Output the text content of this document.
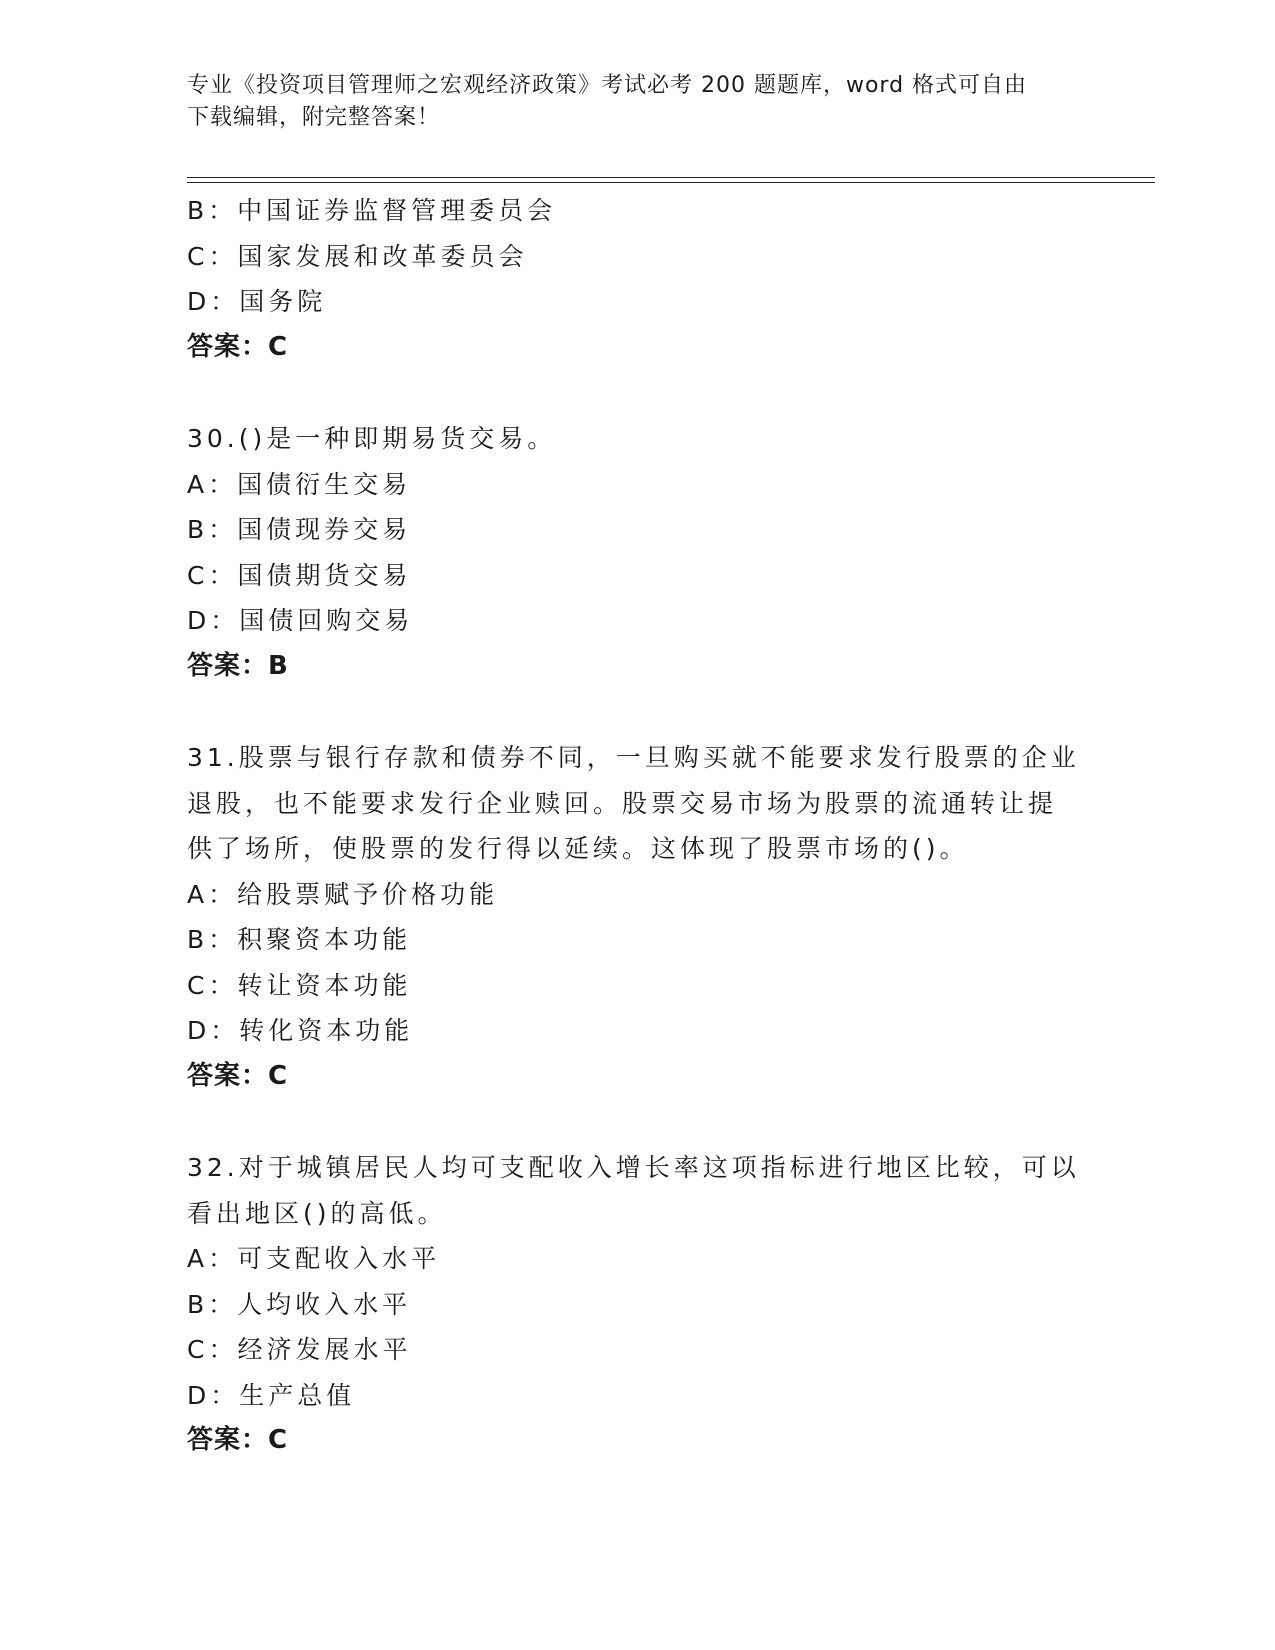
专业《投资项目管理师之宏观经济政策》考试必考 200 题题库，word 格式可自由
下载编辑，附完整答案！
B：中国证券监督管理委员会
C：国家发展和改革委员会
D：国务院
答案：C
30.()是一种即期易货交易。
A：国债衍生交易
B：国债现券交易
C：国债期货交易
D：国债回购交易
答案：B
31.股票与银行存款和债券不同，一旦购买就不能要求发行股票的企业
退股，也不能要求发行企业赎回。股票交易市场为股票的流通转让提
供了场所，使股票的发行得以延续。这体现了股票市场的()。
A：给股票赋予价格功能
B：积聚资本功能
C：转让资本功能
D：转化资本功能
答案：C
32.对于城镇居民人均可支配收入增长率这项指标进行地区比较，可以
看出地区()的高低。
A：可支配收入水平
B：人均收入水平
C：经济发展水平
D：生产总值
答案：C
